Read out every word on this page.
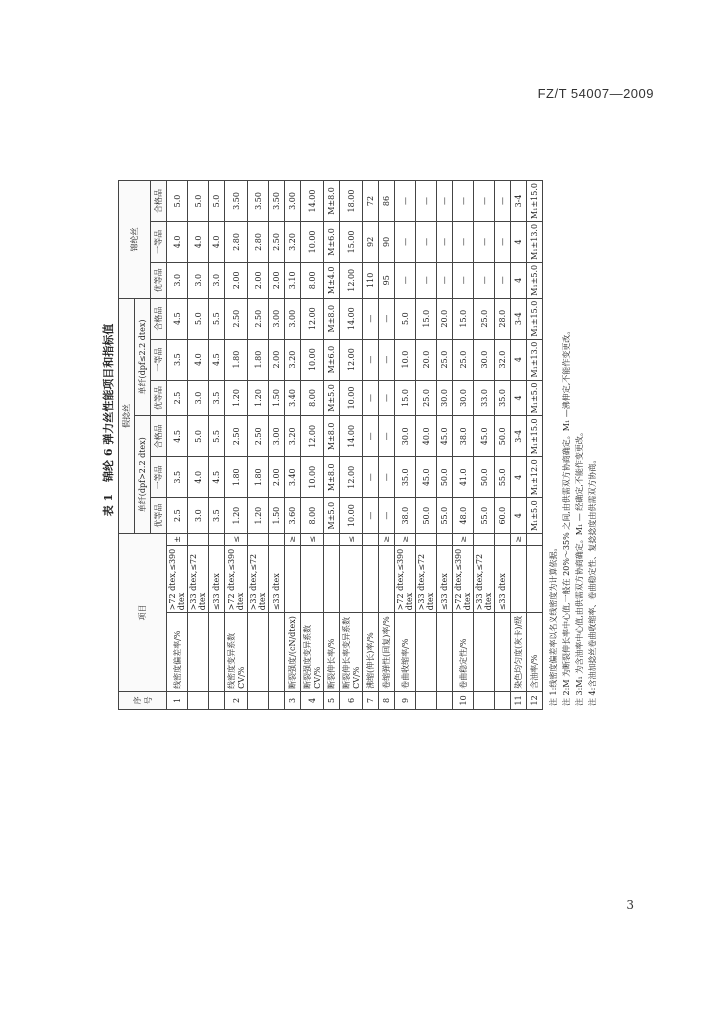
FZ/T 54007—2009
表 1 锦纶 6 弹力丝性能项目和指标值
序号	项目			假捻丝						锦纶丝		
				单纤(dpf>2.2 dtex)			单纤(dpf≤2.2 dtex)					
				优等品	一等品	合格品	优等品	一等品	合格品	优等品	一等品	合格品
1	线密度偏差率/%	>72 dtex,≤390 dtex	±	2.5	3.5	4.5	2.5	3.5	4.5	3.0	4.0	5.0
		>33 dtex,≤72 dtex		3.0	4.0	5.0	3.0	4.0	5.0	3.0	4.0	5.0
		≤33 dtex		3.5	4.5	5.5	3.5	4.5	5.5	3.0	4.0	5.0
2	线密度变异系数 CV/%	>72 dtex,≤390 dtex	≤	1.20	1.80	2.50	1.20	1.80	2.50	2.00	2.80	3.50
		>33 dtex,≤72 dtex		1.20	1.80	2.50	1.20	1.80	2.50	2.00	2.80	3.50
		≤33 dtex		1.50	2.00	3.00	1.50	2.00	3.00	2.00	2.50	3.50
3	断裂强度/(cN/dtex)		≥	3.60	3.40	3.20	3.40	3.20	3.00	3.10	3.20	3.00
4	断裂强度变异系数 CV/%		≤	8.00	10.00	12.00	8.00	10.00	12.00	8.00	10.00	14.00
5	断裂伸长率/%			M±5.0	M±8.0	M±8.0	M±5.0	M±6.0	M±8.0	M±4.0	M±6.0	M±8.0
6	断裂伸长率变异系数 CV/%		≤	10.00	12.00	14.00	10.00	12.00	14.00	12.00	15.00	18.00
7	沸缩(伸长)率/%			—	—	—	—	—	—	110	92	72
8	卷缩弹性(回复)率/%		≥	—	—	—	—	—	—	95	90	86
9	卷曲收缩率/%	>72 dtex,≤390 dtex	≥	38.0	35.0	30.0	15.0	10.0	5.0	—	—	—
		>33 dtex,≤72 dtex		50.0	45.0	40.0	25.0	20.0	15.0	—	—	—
		≤33 dtex		55.0	50.0	45.0	30.0	25.0	20.0	—	—	—
10	卷曲稳定性/%	>72 dtex,≤390 dtex	≥	48.0	41.0	38.0	30.0	25.0	15.0	—	—	—
		>33 dtex,≤72 dtex		55.0	50.0	45.0	33.0	30.0	25.0	—	—	—
		≤33 dtex		60.0	55.0	50.0	35.0	32.0	28.0	—	—	—
11	染色均匀度(灰卡)/级		≥	4	4	3-4	4	4	3-4	4	4	3-4
12	含油率/%			M₁±5.0	M₁±12.0	M₁±15.0	M₁±5.0	M₁±13.0	M₁±15.0	M₁±5.0	M₁±13.0	M₁±15.0
注 1:线密度偏差率以名义线密度为计算依据。 注 2:M 为断裂伸长率中心值,一般在 20%～35% 之间,由供需双方协商确定。M₁ —沸伸定,不能作变更改。 注 3:M₁ 为含油率中心值,由供需双方协商确定。M₁ — 经确定,不能作变更改。 注 4:含油加捻丝卷曲收缩率、卷曲稳定性、复捻捻度由供需双方协商。
3
